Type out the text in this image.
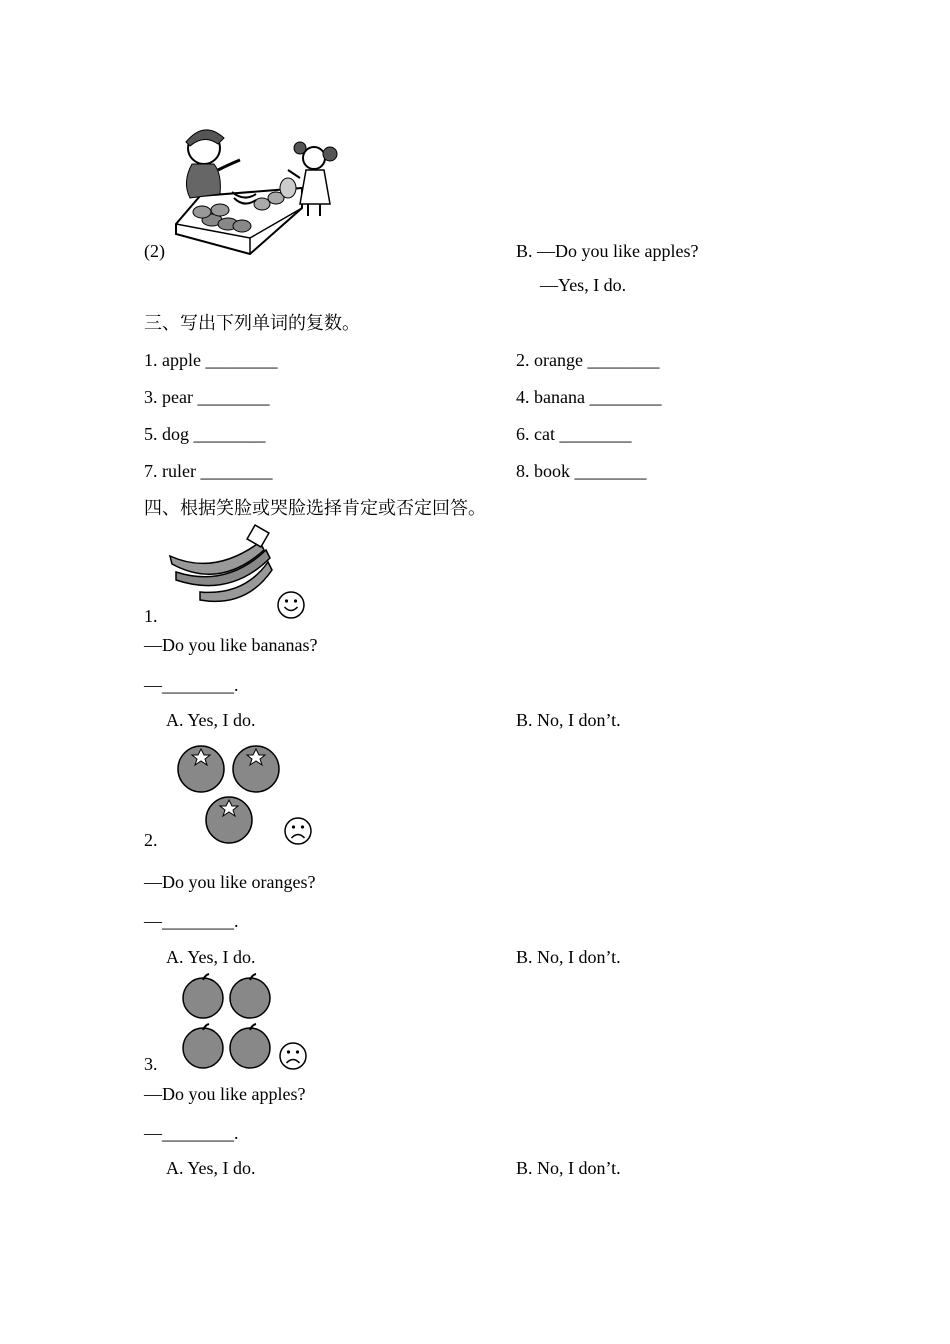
(2)	B. —Do you like apples?
—Yes, I do.
三、写出下列单词的复数。
1. apple ________	2. orange ________
3. pear ________	4. banana ________
5. dog ________	6. cat ________
7. ruler ________	8. book ________
四、根据笑脸或哭脸选择肯定或否定回答。
1.
—Do you like bananas?
—________.
A. Yes, I do.	B. No, I don’t.
2.
—Do you like oranges?
—________.
A. Yes, I do.	B. No, I don’t.
3.
—Do you like apples?
—________.
A. Yes, I do.	B. No, I don’t.
